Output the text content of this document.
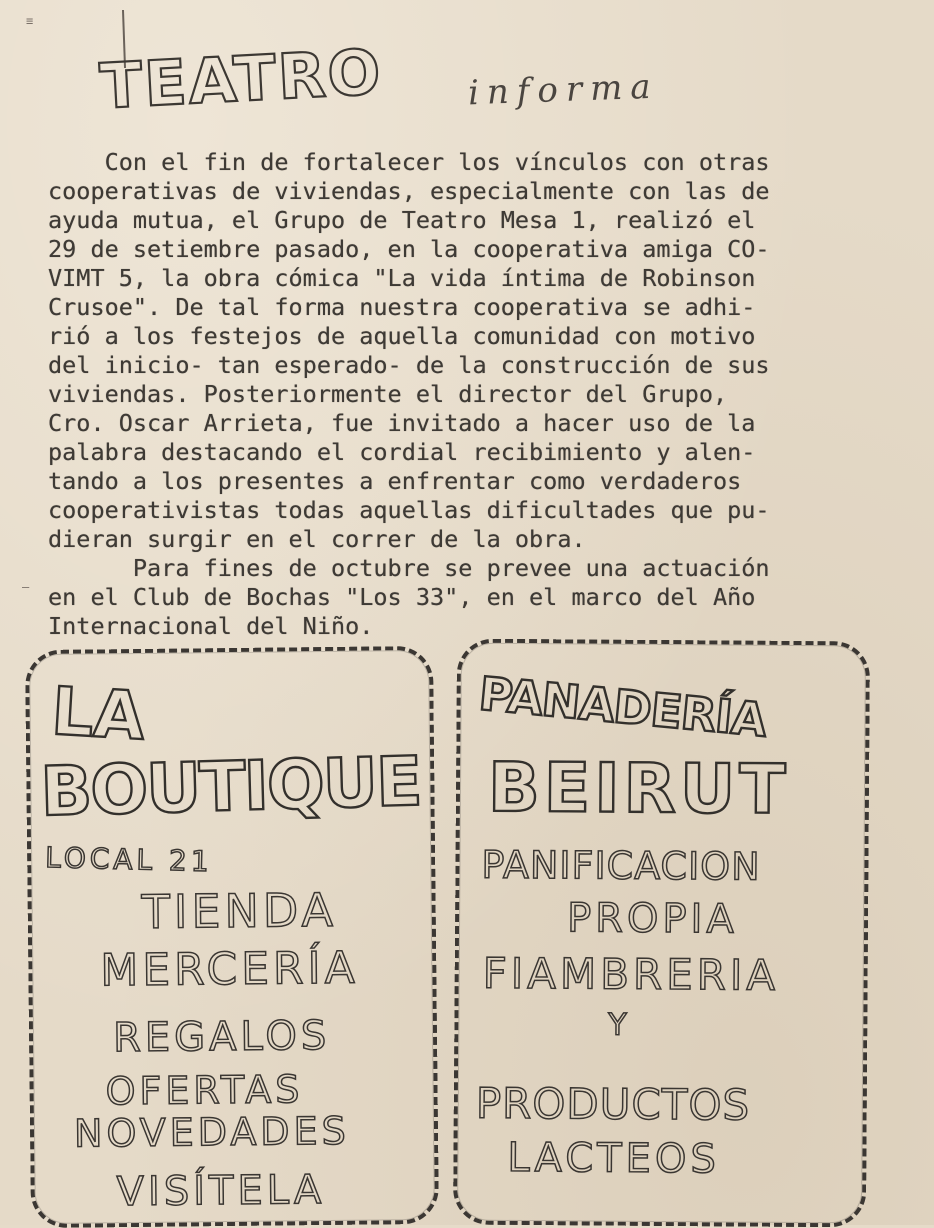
≡
–
TEATRO informa
Con el fin de fortalecer los vínculos con otras
cooperativas de viviendas, especialmente con las de
ayuda mutua, el Grupo de Teatro Mesa 1, realizó el
29 de setiembre pasado, en la cooperativa amiga CO-
VIMT 5, la obra cómica "La vida íntima de Robinson
Crusoe". De tal forma nuestra cooperativa se adhi-
rió a los festejos de aquella comunidad con motivo
del inicio- tan esperado- de la construcción de sus
viviendas. Posteriormente el director del Grupo,
Cro. Oscar Arrieta, fue invitado a hacer uso de la
palabra destacando el cordial recibimiento y alen-
tando a los presentes a enfrentar como verdaderos
cooperativistas todas aquellas dificultades que pu-
dieran surgir en el correr de la obra.
Para fines de octubre se prevee una actuación
en el Club de Bochas "Los 33", en el marco del Año
Internacional del Niño.
LA
BOUTIQUE
LOCAL 21
TIENDA
MERCERÍA
REGALOS
OFERTAS
NOVEDADES
VISÍTELA
PANADERÍA
BEIRUT
PANIFICACION
PROPIA
FIAMBRERIA
Y
PRODUCTOS
LACTEOS
